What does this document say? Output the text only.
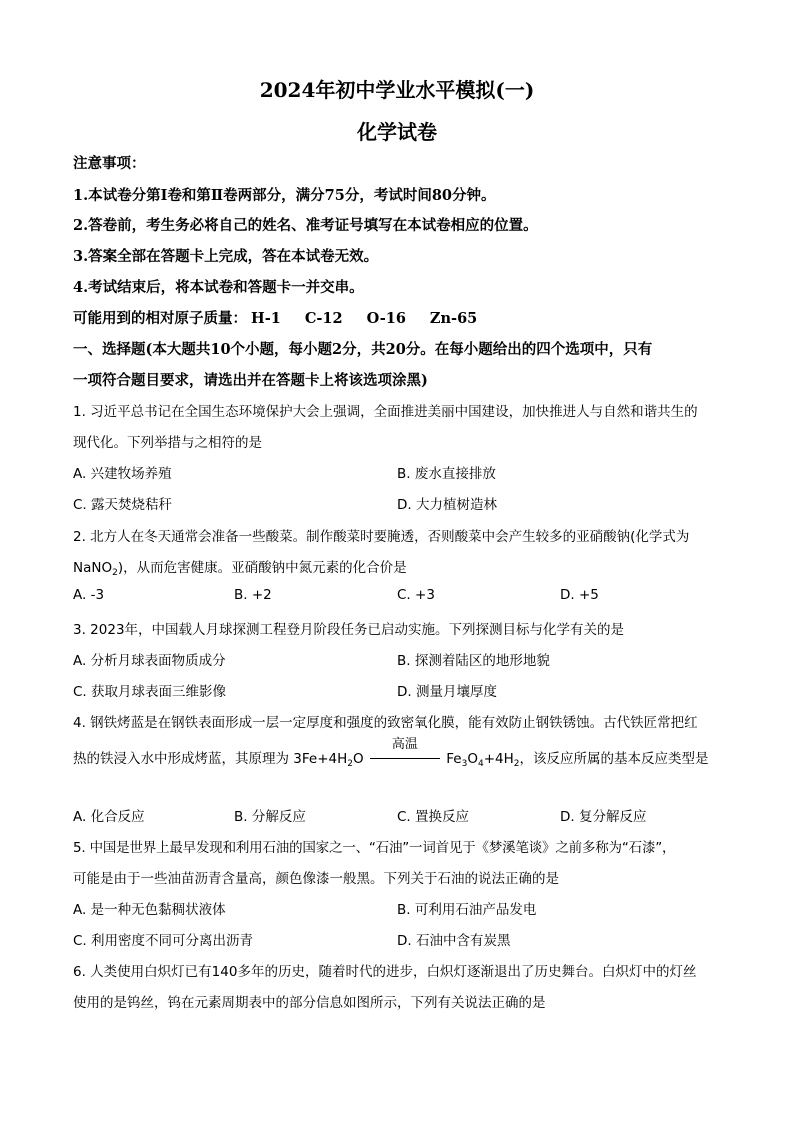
2024年初中学业水平模拟(一)
化学试卷
注意事项：
1.本试卷分第Ⅰ卷和第Ⅱ卷两部分，满分75分，考试时间80分钟。
2.答卷前，考生务必将自己的姓名、准考证号填写在本试卷相应的位置。
3.答案全部在答题卡上完成，答在本试卷无效。
4.考试结束后，将本试卷和答题卡一并交串。
可能用到的相对原子质量： H-1 C-12 O-16 Zn-65
一、选择题(本大题共10个小题，每小题2分，共20分。在每小题给出的四个选项中，只有
一项符合题目要求，请选出并在答题卡上将该选项涂黑)
1. 习近平总书记在全国生态环境保护大会上强调，全面推进美丽中国建设，加快推进人与自然和谐共生的
现代化。下列举措与之相符的是
A. 兴建牧场养殖	B. 废水直接排放
C. 露天焚烧秸秆	D. 大力植树造林
2. 北方人在冬天通常会准备一些酸菜。制作酸菜时要腌透，否则酸菜中会产生较多的亚硝酸钠(化学式为
NaNO$_2$)，从而危害健康。亚硝酸钠中氮元素的化合价是
A. -3	B. +2	C. +3	D. +5
3. 2023年，中国载人月球探测工程登月阶段任务已启动实施。下列探测目标与化学有关的是
A. 分析月球表面物质成分	B. 探测着陆区的地形地貌
C. 获取月球表面三维影像	D. 测量月壤厚度
4. 钢铁烤蓝是在钢铁表面形成一层一定厚度和强度的致密氧化膜，能有效防止钢铁锈蚀。古代铁匠常把红
热的铁浸入水中形成烤蓝，其原理为 $3Fe+4H_2O$
高温
$Fe_3O_4+4H_2$，该反应所属的基本反应类型是
A. 化合反应	B. 分解反应	C. 置换反应	D. 复分解反应
5. 中国是世界上最早发现和利用石油的国家之一、“石油”一词首见于《梦溪笔谈》之前多称为“石漆”，
可能是由于一些油苗沥青含量高，颜色像漆一般黑。下列关于石油的说法正确的是
A. 是一种无色黏稠状液体	B. 可利用石油产品发电
C. 利用密度不同可分离出沥青	D. 石油中含有炭黑
6. 人类使用白炽灯已有140多年的历史，随着时代的进步，白炽灯逐渐退出了历史舞台。白炽灯中的灯丝
使用的是钨丝，钨在元素周期表中的部分信息如图所示，下列有关说法正确的是
